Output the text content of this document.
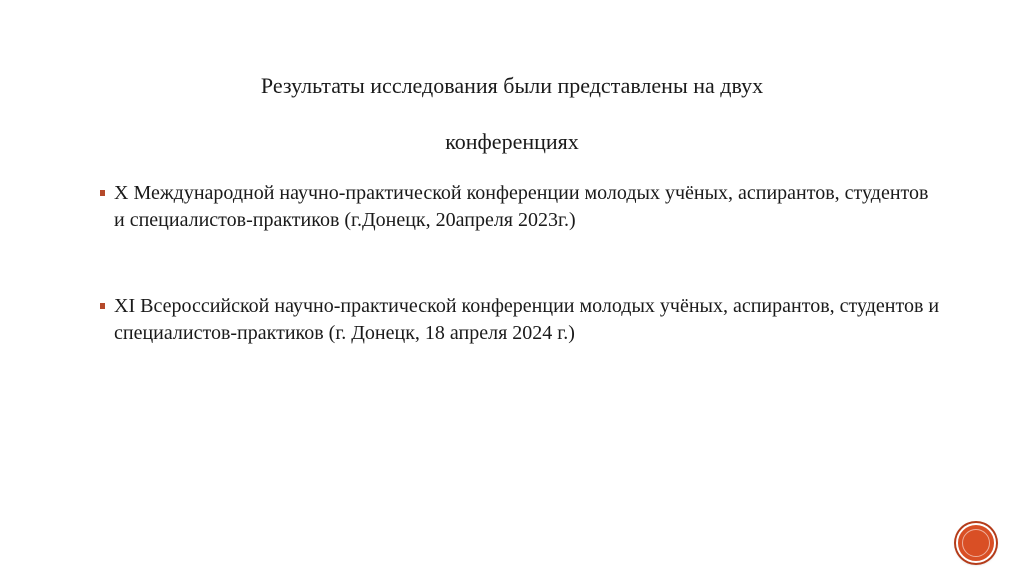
Результаты исследования были представлены на двух
конференциях
X Международной научно-практической конференции молодых учёных, аспирантов, студентов и специалистов-практиков (г.Донецк, 20апреля 2023г.)
XI Всероссийской научно-практической конференции молодых учёных, аспирантов, студентов и специалистов-практиков (г. Донецк, 18 апреля 2024 г.)
